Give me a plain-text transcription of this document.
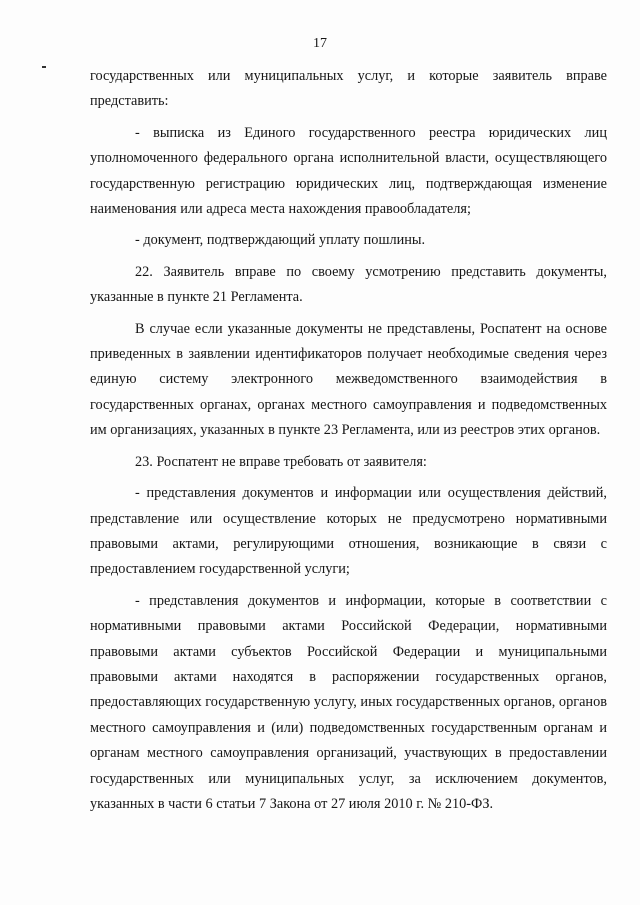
17

государственных или муниципальных услуг, и которые заявитель вправе представить:

- выписка из Единого государственного реестра юридических лиц уполномоченного федерального органа исполнительной власти, осуществляющего государственную регистрацию юридических лиц, подтверждающая изменение наименования или адреса места нахождения правообладателя;

- документ, подтверждающий уплату пошлины.

22. Заявитель вправе по своему усмотрению представить документы, указанные в пункте 21 Регламента.

В случае если указанные документы не представлены, Роспатент на основе приведенных в заявлении идентификаторов получает необходимые сведения через единую систему электронного межведомственного взаимодействия в государственных органах, органах местного самоуправления и подведомственных им организациях, указанных в пункте 23 Регламента, или из реестров этих органов.

23. Роспатент не вправе требовать от заявителя:

- представления документов и информации или осуществления действий, представление или осуществление которых не предусмотрено нормативными правовыми актами, регулирующими отношения, возникающие в связи с предоставлением государственной услуги;

- представления документов и информации, которые в соответствии с нормативными правовыми актами Российской Федерации, нормативными правовыми актами субъектов Российской Федерации и муниципальными правовыми актами находятся в распоряжении государственных органов, предоставляющих государственную услугу, иных государственных органов, органов местного самоуправления и (или) подведомственных государственным органам и органам местного самоуправления организаций, участвующих в предоставлении государственных или муниципальных услуг, за исключением документов, указанных в части 6 статьи 7 Закона от 27 июля 2010 г. № 210-ФЗ.
